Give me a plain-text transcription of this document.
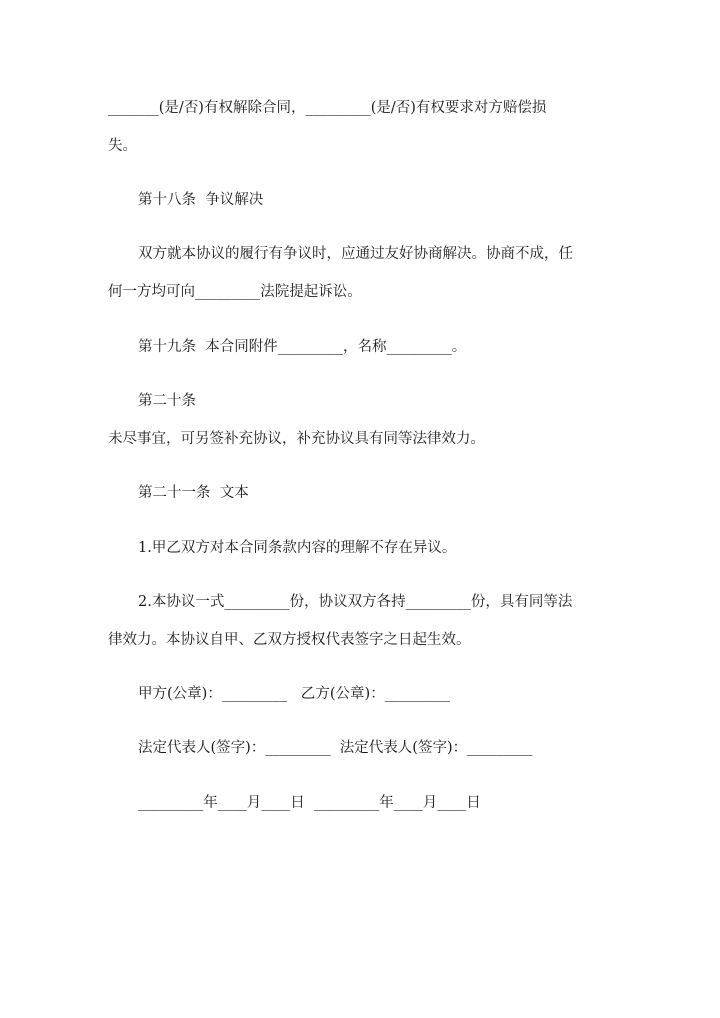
_______(是/否)有权解除合同，_________(是/否)有权要求对方赔偿损
失。
第十八条  争议解决
双方就本协议的履行有争议时，应通过友好协商解决。协商不成，任
何一方均可向_________法院提起诉讼。
第十九条  本合同附件_________，名称_________。
第二十条
未尽事宜，可另签补充协议，补充协议具有同等法律效力。
第二十一条  文本
1.甲乙双方对本合同条款内容的理解不存在异议。
2.本协议一式_________份，协议双方各持_________份，具有同等法
律效力。本协议自甲、乙双方授权代表签字之日起生效。
甲方(公章)：_________   乙方(公章)：_________
法定代表人(签字)：_________  法定代表人(签字)：_________
_________年____月____日  _________年____月____日
